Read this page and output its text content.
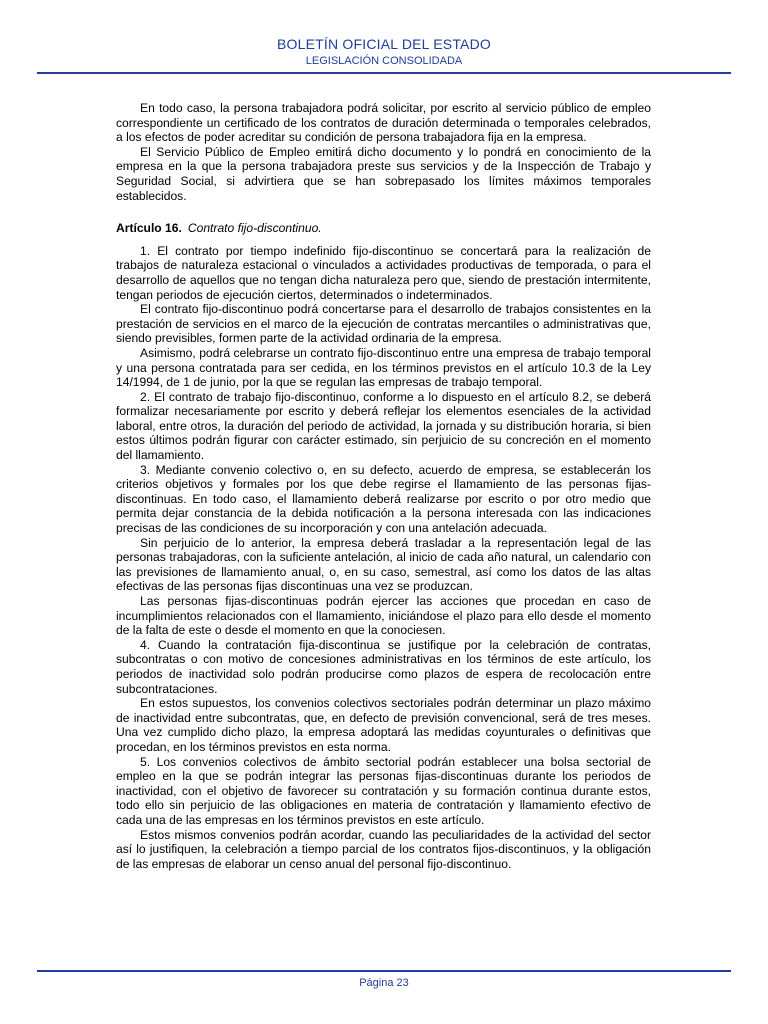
BOLETÍN OFICIAL DEL ESTADO
LEGISLACIÓN CONSOLIDADA

En todo caso, la persona trabajadora podrá solicitar, por escrito al servicio público de empleo correspondiente un certificado de los contratos de duración determinada o temporales celebrados, a los efectos de poder acreditar su condición de persona trabajadora fija en la empresa.

El Servicio Público de Empleo emitirá dicho documento y lo pondrá en conocimiento de la empresa en la que la persona trabajadora preste sus servicios y de la Inspección de Trabajo y Seguridad Social, si advirtiera que se han sobrepasado los límites máximos temporales establecidos.

Artículo 16. Contrato fijo-discontinuo.

1. El contrato por tiempo indefinido fijo-discontinuo se concertará para la realización de trabajos de naturaleza estacional o vinculados a actividades productivas de temporada, o para el desarrollo de aquellos que no tengan dicha naturaleza pero que, siendo de prestación intermitente, tengan periodos de ejecución ciertos, determinados o indeterminados.

El contrato fijo-discontinuo podrá concertarse para el desarrollo de trabajos consistentes en la prestación de servicios en el marco de la ejecución de contratas mercantiles o administrativas que, siendo previsibles, formen parte de la actividad ordinaria de la empresa.

Asimismo, podrá celebrarse un contrato fijo-discontinuo entre una empresa de trabajo temporal y una persona contratada para ser cedida, en los términos previstos en el artículo 10.3 de la Ley 14/1994, de 1 de junio, por la que se regulan las empresas de trabajo temporal.

2. El contrato de trabajo fijo-discontinuo, conforme a lo dispuesto en el artículo 8.2, se deberá formalizar necesariamente por escrito y deberá reflejar los elementos esenciales de la actividad laboral, entre otros, la duración del periodo de actividad, la jornada y su distribución horaria, si bien estos últimos podrán figurar con carácter estimado, sin perjuicio de su concreción en el momento del llamamiento.

3. Mediante convenio colectivo o, en su defecto, acuerdo de empresa, se establecerán los criterios objetivos y formales por los que debe regirse el llamamiento de las personas fijas-discontinuas. En todo caso, el llamamiento deberá realizarse por escrito o por otro medio que permita dejar constancia de la debida notificación a la persona interesada con las indicaciones precisas de las condiciones de su incorporación y con una antelación adecuada.

Sin perjuicio de lo anterior, la empresa deberá trasladar a la representación legal de las personas trabajadoras, con la suficiente antelación, al inicio de cada año natural, un calendario con las previsiones de llamamiento anual, o, en su caso, semestral, así como los datos de las altas efectivas de las personas fijas discontinuas una vez se produzcan.

Las personas fijas-discontinuas podrán ejercer las acciones que procedan en caso de incumplimientos relacionados con el llamamiento, iniciándose el plazo para ello desde el momento de la falta de este o desde el momento en que la conociesen.

4. Cuando la contratación fija-discontinua se justifique por la celebración de contratas, subcontratas o con motivo de concesiones administrativas en los términos de este artículo, los periodos de inactividad solo podrán producirse como plazos de espera de recolocación entre subcontrataciones.

En estos supuestos, los convenios colectivos sectoriales podrán determinar un plazo máximo de inactividad entre subcontratas, que, en defecto de previsión convencional, será de tres meses. Una vez cumplido dicho plazo, la empresa adoptará las medidas coyunturales o definitivas que procedan, en los términos previstos en esta norma.

5. Los convenios colectivos de ámbito sectorial podrán establecer una bolsa sectorial de empleo en la que se podrán integrar las personas fijas-discontinuas durante los periodos de inactividad, con el objetivo de favorecer su contratación y su formación continua durante estos, todo ello sin perjuicio de las obligaciones en materia de contratación y llamamiento efectivo de cada una de las empresas en los términos previstos en este artículo.

Estos mismos convenios podrán acordar, cuando las peculiaridades de la actividad del sector así lo justifiquen, la celebración a tiempo parcial de los contratos fijos-discontinuos, y la obligación de las empresas de elaborar un censo anual del personal fijo-discontinuo.

Página 23
